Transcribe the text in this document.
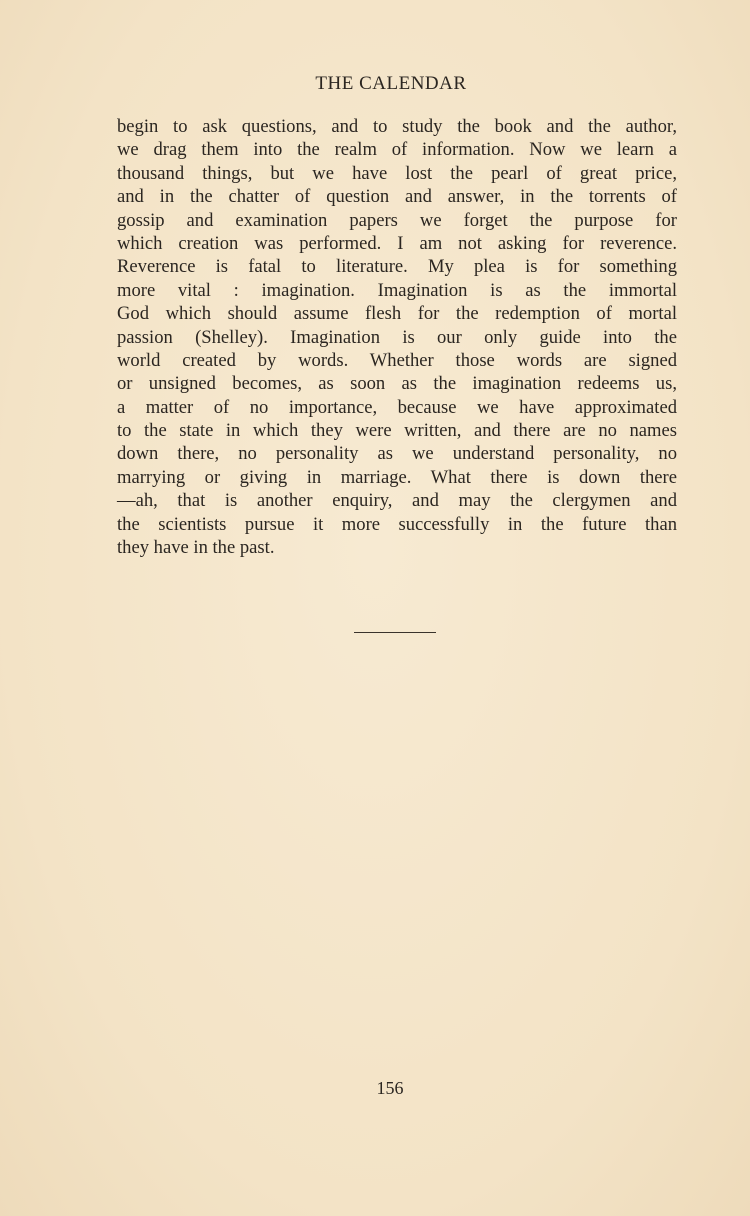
THE CALENDAR
begin to ask questions, and to study the book and the author,
we drag them into the realm of information. Now we learn a
thousand things, but we have lost the pearl of great price,
and in the chatter of question and answer, in the torrents of
gossip and examination papers we forget the purpose for
which creation was performed. I am not asking for reverence.
Reverence is fatal to literature. My plea is for something
more vital : imagination. Imagination is as the immortal
God which should assume flesh for the redemption of mortal
passion (Shelley). Imagination is our only guide into the
world created by words. Whether those words are signed
or unsigned becomes, as soon as the imagination redeems us,
a matter of no importance, because we have approximated
to the state in which they were written, and there are no names
down there, no personality as we understand personality, no
marrying or giving in marriage. What there is down there
—ah, that is another enquiry, and may the clergymen and
the scientists pursue it more successfully in the future than
they have in the past.
156
